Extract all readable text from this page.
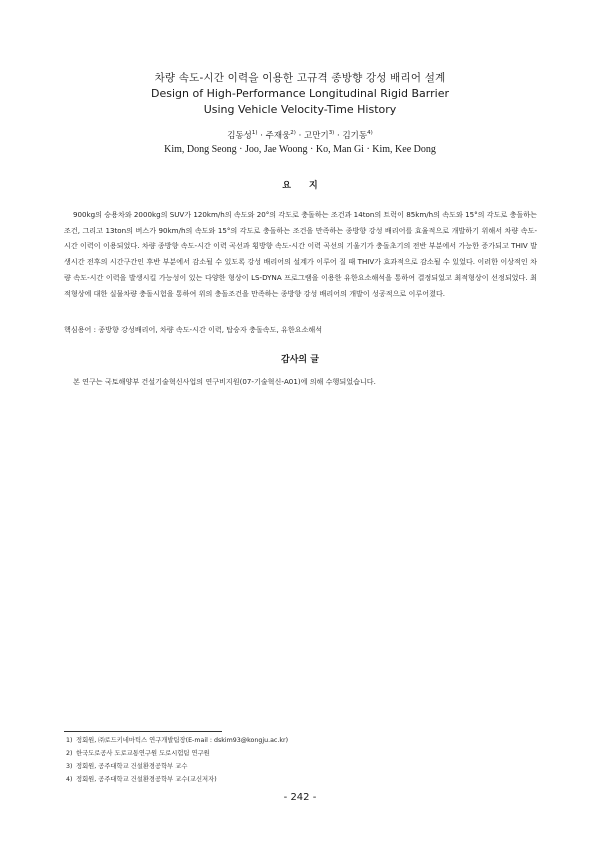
차량 속도-시간 이력을 이용한 고규격 종방향 강성 배리어 설계
Design of High-Performance Longitudinal Rigid Barrier
Using Vehicle Velocity-Time History
김동성$^{1)}$ · 주재웅$^{2)}$ · 고만기$^{3)}$ · 김기동$^{4)}$
Kim, Dong Seong · Joo, Jae Woong · Ko, Man Gi · Kim, Kee Dong
요지

900kg의 승용차와 2000kg의 SUV가 120km/h의 속도와 20°의 각도로 충돌하는 조건과 14ton의 트럭이 85km/h의 속도와 15°의 각도로 충돌하는 조건, 그리고 13ton의 버스가 90km/h의 속도와 15°의 각도로 충돌하는 조건을 만족하는 종방향 강성 배리어를 효율적으로 개발하기 위해서 차량 속도-시간 이력이 이용되었다. 차량 종방향 속도-시간 이력 곡선과 횡방향 속도-시간 이력 곡선의 기울기가 충돌초기의 전반 부분에서 가능한 증가되고 THIV 발생시간 전후의 시간구간인 후반 부분에서 감소될 수 있도록 강성 배리어의 설계가 이루어 질 때 THIV가 효과적으로 감소될 수 있었다. 이러한 이상적인 차량 속도-시간 이력을 발생시킬 가능성이 있는 다양한 형상이 LS-DYNA 프로그램을 이용한 유한요소해석을 통하여 결정되었고 최적형상이 선정되었다. 최적형상에 대한 실물차량 충돌시험을 통하여 위의 충돌조건을 만족하는 종방향 강성 배리어의 개발이 성공적으로 이루어졌다.

핵심용어 : 종방향 강성배리어, 차량 속도-시간 이력, 탑승자 충돌속도, 유한요소해석
감사의 글

본 연구는 국토해양부 건설기술혁신사업의 연구비지원(07-기술혁신-A01)에 의해 수행되었습니다.

1) 정회원, ㈜로드키네마틱스 연구개발팀장(E-mail : dskim93@kongju.ac.kr)
2) 한국도로공사 도로교통연구원 도로시험팀 연구원
3) 정회원, 공주대학교 건설환경공학부 교수
4) 정회원, 공주대학교 건설환경공학부 교수(교신저자)
- 242 -
